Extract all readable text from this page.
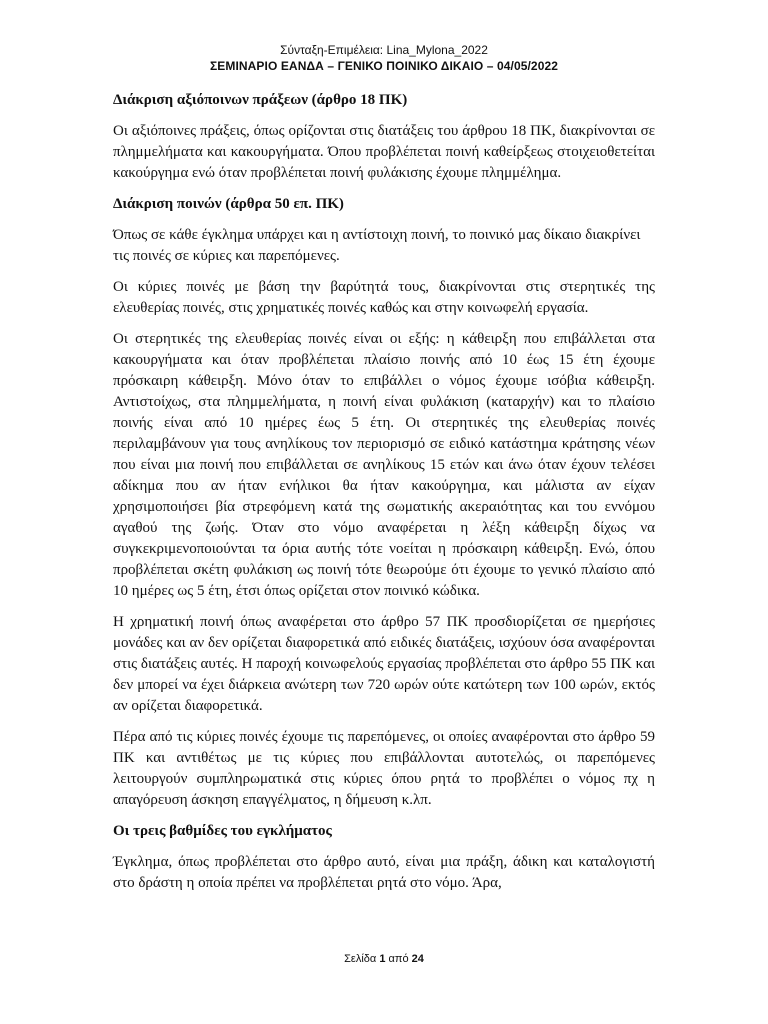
Σύνταξη-Επιμέλεια: Lina_Mylona_2022

ΣΕΜΙΝΑΡΙΟ ΕΑΝΔΑ – ΓΕΝΙΚΟ ΠΟΙΝΙΚΟ ΔΙΚΑΙΟ – 04/05/2022

Διάκριση αξιόποινων πράξεων (άρθρο 18 ΠΚ)

Οι αξιόποινες πράξεις, όπως ορίζονται στις διατάξεις του άρθρου 18 ΠΚ, διακρίνονται σε πλημμελήματα και κακουργήματα. Όπου προβλέπεται ποινή καθείρξεως στοιχειοθετείται κακούργημα ενώ όταν προβλέπεται ποινή φυλάκισης έχουμε πλημμέλημα.

Διάκριση ποινών (άρθρα 50 επ. ΠΚ)

Όπως σε κάθε έγκλημα υπάρχει και η αντίστοιχη ποινή, το ποινικό μας δίκαιο διακρίνει τις ποινές σε κύριες και παρεπόμενες.

Οι κύριες ποινές με βάση την βαρύτητά τους, διακρίνονται στις στερητικές της ελευθερίας ποινές, στις χρηματικές ποινές καθώς και στην κοινωφελή εργασία.

Οι στερητικές της ελευθερίας ποινές είναι οι εξής: η κάθειρξη που επιβάλλεται στα κακουργήματα και όταν προβλέπεται πλαίσιο ποινής από 10 έως 15 έτη έχουμε πρόσκαιρη κάθειρξη. Μόνο όταν το επιβάλλει ο νόμος έχουμε ισόβια κάθειρξη. Αντιστοίχως, στα πλημμελήματα, η ποινή είναι φυλάκιση (καταρχήν) και το πλαίσιο ποινής είναι από 10 ημέρες έως 5 έτη. Οι στερητικές της ελευθερίας ποινές περιλαμβάνουν για τους ανηλίκους τον περιορισμό σε ειδικό κατάστημα κράτησης νέων που είναι μια ποινή που επιβάλλεται σε ανηλίκους 15 ετών και άνω όταν έχουν τελέσει αδίκημα που αν ήταν ενήλικοι θα ήταν κακούργημα, και μάλιστα αν είχαν χρησιμοποιήσει βία στρεφόμενη κατά της σωματικής ακεραιότητας και του εννόμου αγαθού της ζωής. Όταν στο νόμο αναφέρεται η λέξη κάθειρξη δίχως να συγκεκριμενοποιούνται τα όρια αυτής τότε νοείται η πρόσκαιρη κάθειρξη. Ενώ, όπου προβλέπεται σκέτη φυλάκιση ως ποινή τότε θεωρούμε ότι έχουμε το γενικό πλαίσιο από 10 ημέρες ως 5 έτη, έτσι όπως ορίζεται στον ποινικό κώδικα.

Η χρηματική ποινή όπως αναφέρεται στο άρθρο 57 ΠΚ προσδιορίζεται σε ημερήσιες μονάδες και αν δεν ορίζεται διαφορετικά από ειδικές διατάξεις, ισχύουν όσα αναφέρονται στις διατάξεις αυτές. Η παροχή κοινωφελούς εργασίας προβλέπεται στο άρθρο 55 ΠΚ και δεν μπορεί να έχει διάρκεια ανώτερη των 720 ωρών ούτε κατώτερη των 100 ωρών, εκτός αν ορίζεται διαφορετικά.

Πέρα από τις κύριες ποινές έχουμε τις παρεπόμενες, οι οποίες αναφέρονται στο άρθρο 59 ΠΚ και αντιθέτως με τις κύριες που επιβάλλονται αυτοτελώς, οι παρεπόμενες λειτουργούν συμπληρωματικά στις κύριες όπου ρητά το προβλέπει ο νόμος πχ η απαγόρευση άσκηση επαγγέλματος, η δήμευση κ.λπ.

Οι τρεις βαθμίδες του εγκλήματος

Έγκλημα, όπως προβλέπεται στο άρθρο αυτό, είναι μια πράξη, άδικη και καταλογιστή στο δράστη η οποία πρέπει να προβλέπεται ρητά στο νόμο. Άρα,

Σελίδα 1 από 24
